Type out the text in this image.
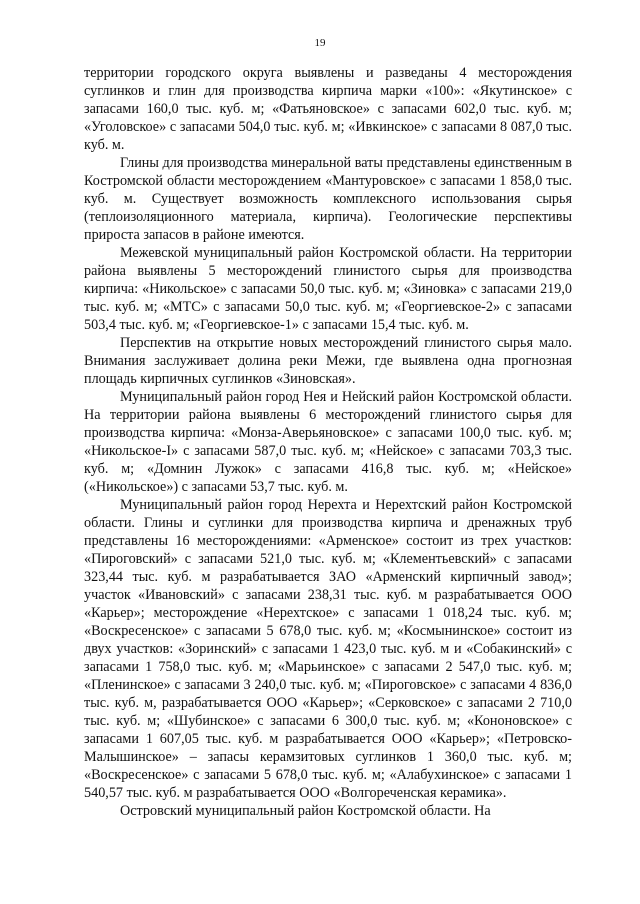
19

территории городского округа выявлены и разведаны 4 месторождения суглинков и глин для производства кирпича марки «100»: «Якутинское» с запасами 160,0 тыс. куб. м; «Фатьяновское» с запасами 602,0 тыс. куб. м; «Уголовское» с запасами 504,0 тыс. куб. м; «Ивкинское» с запасами 8 087,0 тыс. куб. м.

Глины для производства минеральной ваты представлены единственным в Костромской области месторождением «Мантуровское» с запасами 1 858,0 тыс. куб. м. Существует возможность комплексного использования сырья (теплоизоляционного материала, кирпича). Геологические перспективы прироста запасов в районе имеются.

Межевской муниципальный район Костромской области. На территории района выявлены 5 месторождений глинистого сырья для производства кирпича: «Никольское» с запасами 50,0 тыс. куб. м; «Зиновка» с запасами 219,0 тыс. куб. м; «МТС» с запасами 50,0 тыс. куб. м; «Георгиевское-2» с запасами 503,4 тыс. куб. м; «Георгиевское-1» с запасами 15,4 тыс. куб. м.

Перспектив на открытие новых месторождений глинистого сырья мало. Внимания заслуживает долина реки Межи, где выявлена одна прогнозная площадь кирпичных суглинков «Зиновская».

Муниципальный район город Нея и Нейский район Костромской области. На территории района выявлены 6 месторождений глинистого сырья для производства кирпича: «Монза-Аверьяновское» с запасами 100,0 тыс. куб. м; «Никольское-I» с запасами 587,0 тыс. куб. м; «Нейское» с запасами 703,3 тыс. куб. м; «Домнин Лужок» с запасами 416,8 тыс. куб. м; «Нейское» («Никольское») с запасами 53,7 тыс. куб. м.

Муниципальный район город Нерехта и Нерехтский район Костромской области. Глины и суглинки для производства кирпича и дренажных труб представлены 16 месторождениями: «Арменское» состоит из трех участков: «Пироговский» с запасами 521,0 тыс. куб. м; «Клементьевский» с запасами 323,44 тыс. куб. м разрабатывается ЗАО «Арменский кирпичный завод»; участок «Ивановский» с запасами 238,31 тыс. куб. м разрабатывается ООО «Карьер»; месторождение «Нерехтское» с запасами 1 018,24 тыс. куб. м; «Воскресенское» с запасами 5 678,0 тыс. куб. м; «Космынинское» состоит из двух участков: «Зоринский» с запасами 1 423,0 тыс. куб. м и «Собакинский» с запасами 1 758,0 тыс. куб. м; «Марьинское» с запасами 2 547,0 тыс. куб. м; «Пленинское» с запасами 3 240,0 тыс. куб. м; «Пироговское» с запасами 4 836,0 тыс. куб. м, разрабатывается ООО «Карьер»; «Серковское» с запасами 2 710,0 тыс. куб. м; «Шубинское» с запасами 6 300,0 тыс. куб. м; «Кононовское» с запасами 1 607,05 тыс. куб. м разрабатывается ООО «Карьер»; «Петровско-Малышинское» – запасы керамзитовых суглинков 1 360,0 тыс. куб. м; «Воскресенское» с запасами 5 678,0 тыс. куб. м; «Алабухинское» с запасами 1 540,57 тыс. куб. м разрабатывается ООО «Волгореченская керамика».

Островский муниципальный район Костромской области. На
